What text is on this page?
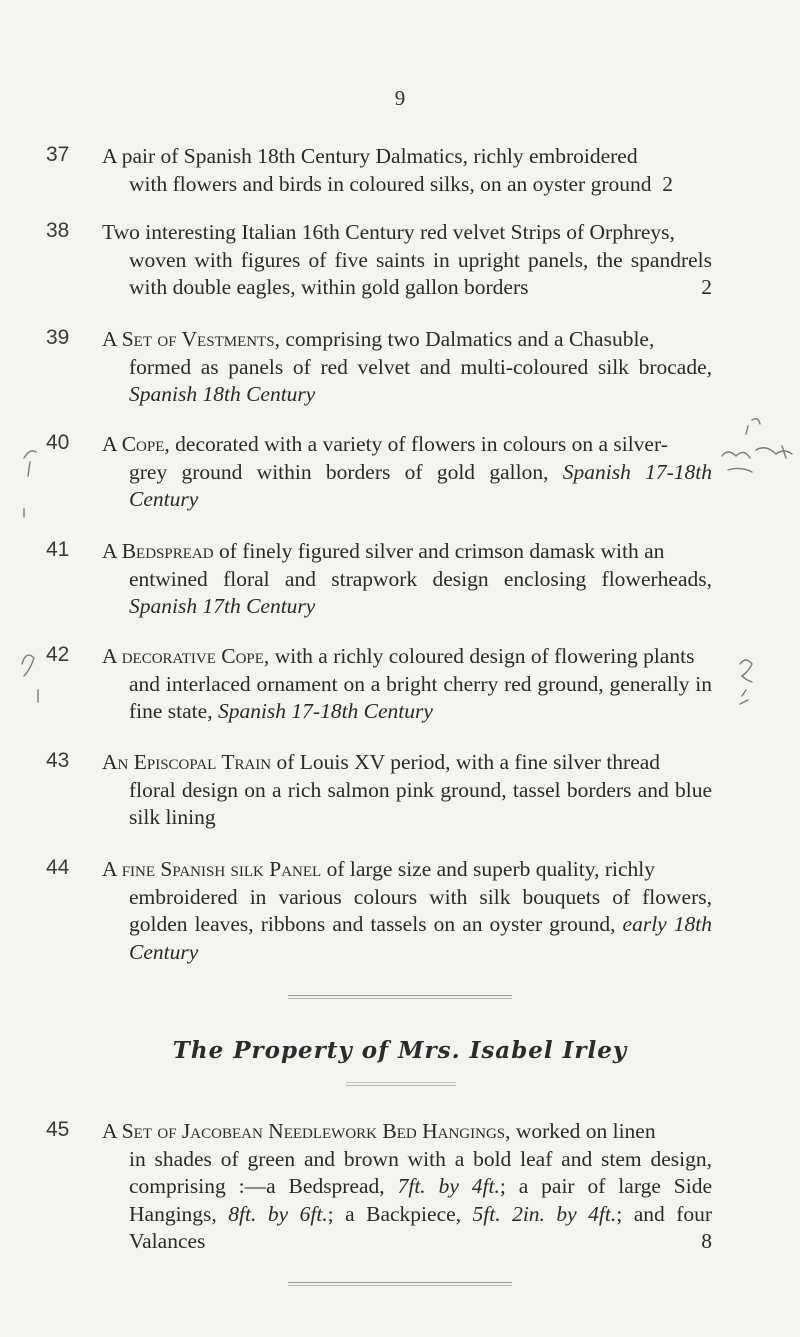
9
37 A pair of Spanish 18th Century Dalmatics, richly embroidered
with flowers and birds in coloured silks, on an oyster ground 2
38 Two interesting Italian 16th Century red velvet Strips of Orphreys,
woven with figures of five saints in upright panels, the spandrels with double eagles, within gold gallon borders	2
39 A Set of Vestments, comprising two Dalmatics and a Chasuble,
formed as panels of red velvet and multi-coloured silk brocade, Spanish 18th Century
40 A Cope, decorated with a variety of flowers in colours on a silver-
grey ground within borders of gold gallon, Spanish 17-18th Century
41 A Bedspread of finely figured silver and crimson damask with an
entwined floral and strapwork design enclosing flowerheads, Spanish 17th Century
42 A decorative Cope, with a richly coloured design of flowering plants
and interlaced ornament on a bright cherry red ground, generally in fine state, Spanish 17-18th Century
43 An Episcopal Train of Louis XV period, with a fine silver thread
floral design on a rich salmon pink ground, tassel borders and blue silk lining
44 A fine Spanish silk Panel of large size and superb quality, richly
embroidered in various colours with silk bouquets of flowers, golden leaves, ribbons and tassels on an oyster ground, early 18th Century
The Property of Mrs. Isabel Irley
45 A Set of Jacobean Needlework Bed Hangings, worked on linen
in shades of green and brown with a bold leaf and stem design, comprising :—a Bedspread, 7ft. by 4ft.; a pair of large Side Hangings, 8ft. by 6ft.; a Backpiece, 5ft. 2in. by 4ft.; and four Valances	8
